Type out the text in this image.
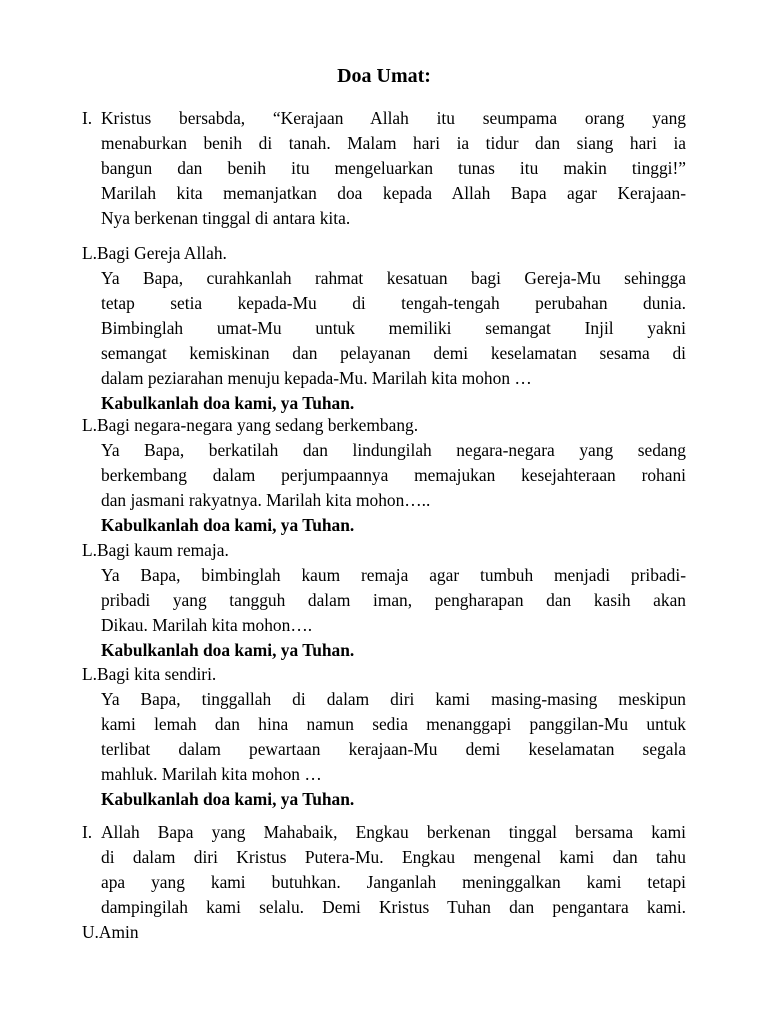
Doa Umat:
I. Kristus bersabda, “Kerajaan Allah itu seumpama orang yang
menaburkan benih di tanah. Malam hari ia tidur dan siang hari ia
bangun dan benih itu mengeluarkan tunas itu makin tinggi!”
Marilah kita memanjatkan doa kepada Allah Bapa agar Kerajaan-
Nya berkenan tinggal di antara kita.
L.Bagi Gereja Allah.
Ya Bapa, curahkanlah rahmat kesatuan bagi Gereja-Mu sehingga
tetap setia kepada-Mu di tengah-tengah perubahan dunia.
Bimbinglah umat-Mu untuk memiliki semangat Injil yakni
semangat kemiskinan dan pelayanan demi keselamatan sesama di
dalam peziarahan menuju kepada-Mu. Marilah kita mohon …
Kabulkanlah doa kami, ya Tuhan.
L.Bagi negara-negara yang sedang berkembang.
Ya Bapa, berkatilah dan lindungilah negara-negara yang sedang
berkembang dalam perjumpaannya memajukan kesejahteraan rohani
dan jasmani rakyatnya. Marilah kita mohon…..
Kabulkanlah doa kami, ya Tuhan.
L.Bagi kaum remaja.
Ya Bapa, bimbinglah kaum remaja agar tumbuh menjadi pribadi-
pribadi yang tangguh dalam iman, pengharapan dan kasih akan
Dikau. Marilah kita mohon….
Kabulkanlah doa kami, ya Tuhan.
L.Bagi kita sendiri.
Ya Bapa, tinggallah di dalam diri kami masing-masing meskipun
kami lemah dan hina namun sedia menanggapi panggilan-Mu untuk
terlibat dalam pewartaan kerajaan-Mu demi keselamatan segala
mahluk. Marilah kita mohon …
Kabulkanlah doa kami, ya Tuhan.
I. Allah Bapa yang Mahabaik, Engkau berkenan tinggal bersama kami
di dalam diri Kristus Putera-Mu. Engkau mengenal kami dan tahu
apa yang kami butuhkan. Janganlah meninggalkan kami tetapi
dampingilah kami selalu. Demi Kristus Tuhan dan pengantara kami.
U.Amin
